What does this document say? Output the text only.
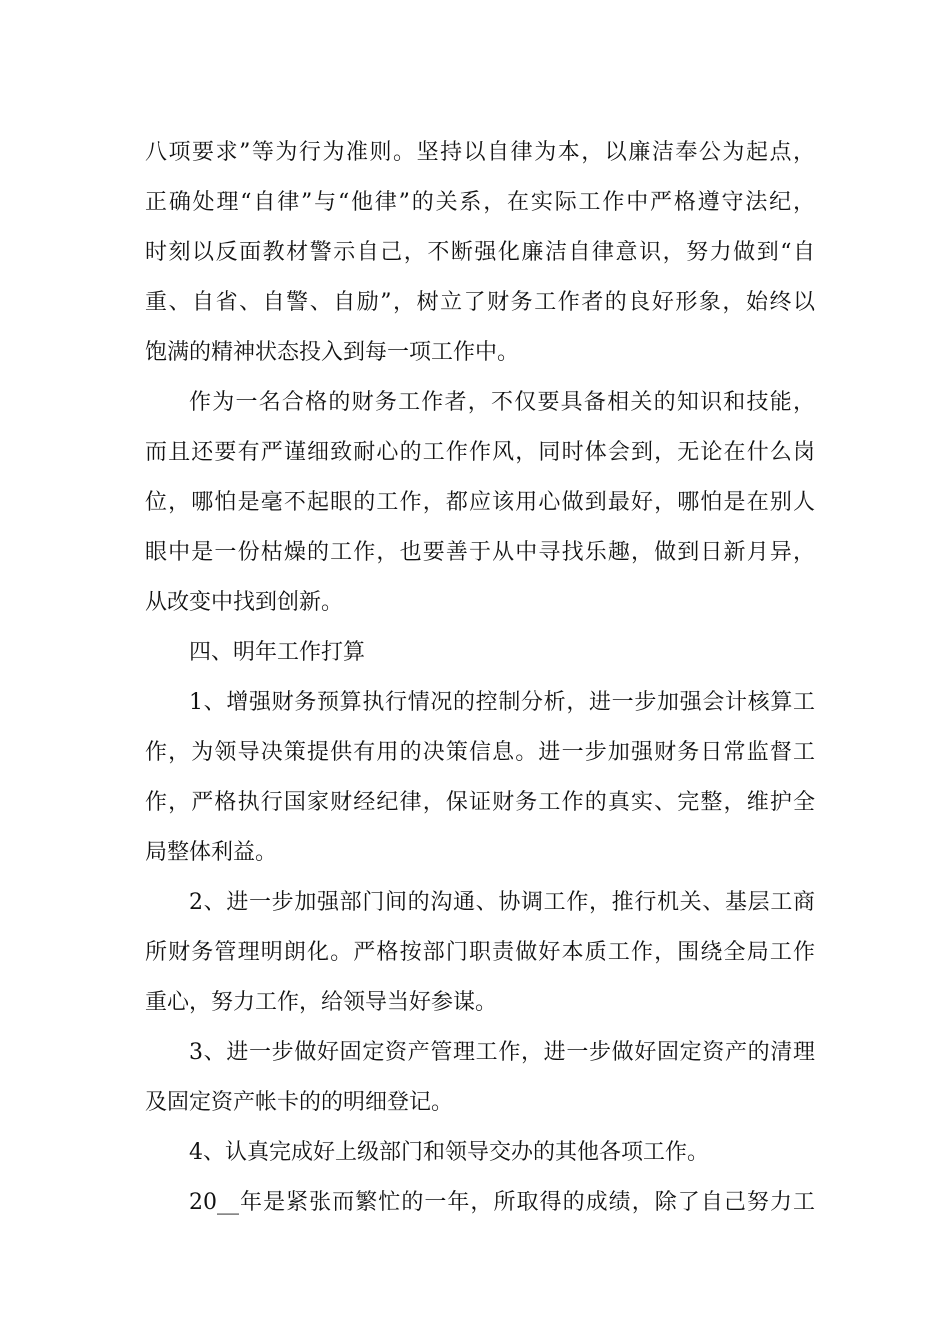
八项要求”等为行为准则。坚持以自律为本，以廉洁奉公为起点，
正确处理“自律”与“他律”的关系，在实际工作中严格遵守法纪，
时刻以反面教材警示自己，不断强化廉洁自律意识，努力做到“自
重、自省、自警、自励”，树立了财务工作者的良好形象，始终以
饱满的精神状态投入到每一项工作中。
作为一名合格的财务工作者，不仅要具备相关的知识和技能，
而且还要有严谨细致耐心的工作作风，同时体会到，无论在什么岗
位，哪怕是毫不起眼的工作，都应该用心做到最好，哪怕是在别人
眼中是一份枯燥的工作，也要善于从中寻找乐趣，做到日新月异，
从改变中找到创新。
四、明年工作打算
1、增强财务预算执行情况的控制分析，进一步加强会计核算工
作，为领导决策提供有用的决策信息。进一步加强财务日常监督工
作，严格执行国家财经纪律，保证财务工作的真实、完整，维护全
局整体利益。
2、进一步加强部门间的沟通、协调工作，推行机关、基层工商
所财务管理明朗化。严格按部门职责做好本质工作，围绕全局工作
重心，努力工作，给领导当好参谋。
3、进一步做好固定资产管理工作，进一步做好固定资产的清理
及固定资产帐卡的的明细登记。
4、认真完成好上级部门和领导交办的其他各项工作。
20__年是紧张而繁忙的一年，所取得的成绩，除了自己努力工
